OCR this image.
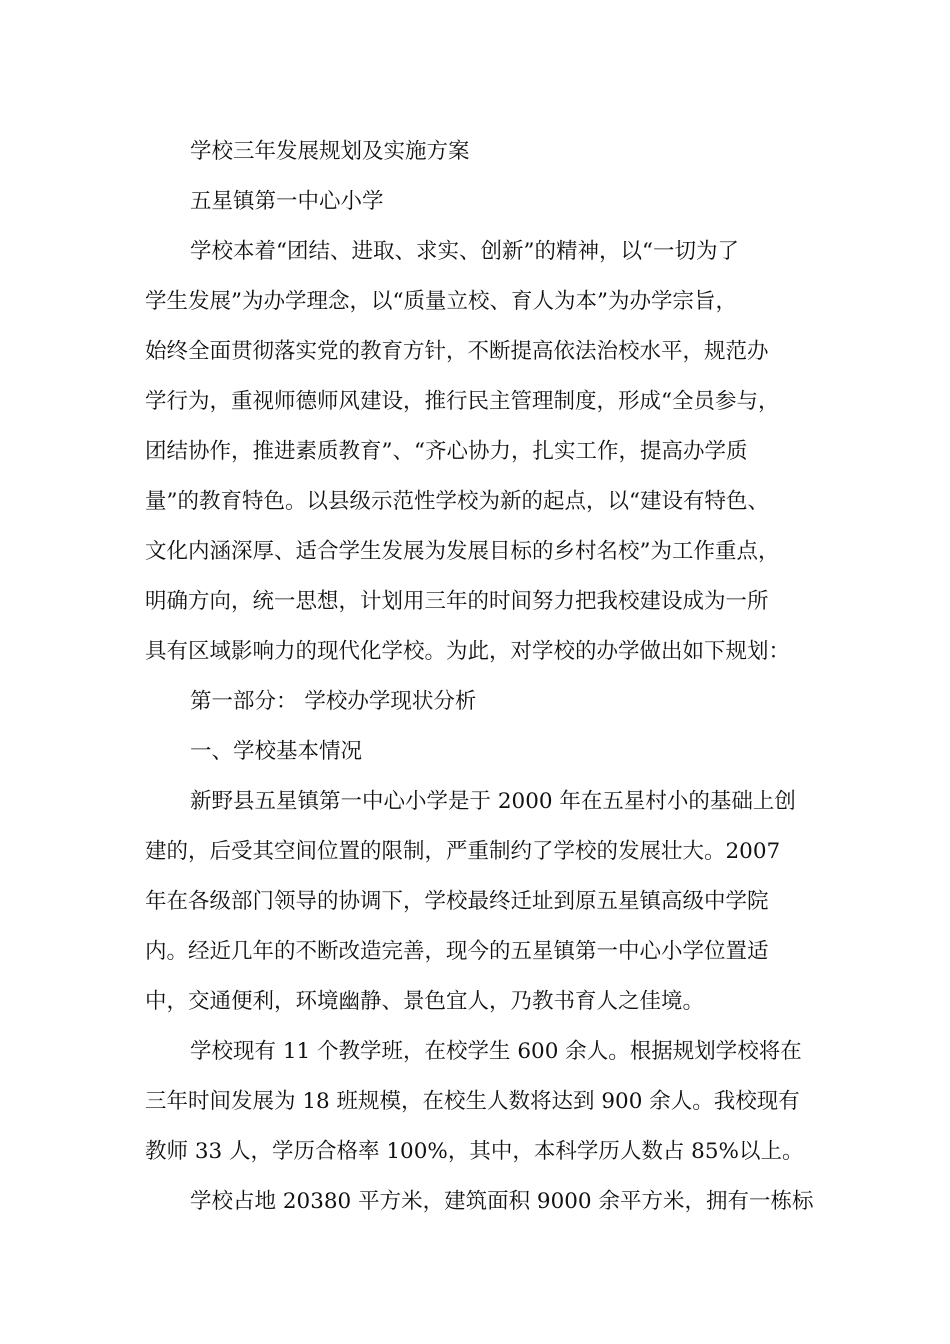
学校三年发展规划及实施方案

五星镇第一中心小学

学校本着“团结、进取、求实、创新”的精神，以“一切为了

学生发展”为办学理念，以“质量立校、育人为本”为办学宗旨，

始终全面贯彻落实党的教育方针，不断提高依法治校水平，规范办

学行为，重视师德师风建设，推行民主管理制度，形成“全员参与，

团结协作，推进素质教育”、“齐心协力，扎实工作，提高办学质

量”的教育特色。以县级示范性学校为新的起点，以“建设有特色、

文化内涵深厚、适合学生发展为发展目标的乡村名校”为工作重点，

明确方向，统一思想，计划用三年的时间努力把我校建设成为一所

具有区域影响力的现代化学校。为此，对学校的办学做出如下规划：

第一部分： 学校办学现状分析

一、学校基本情况

新野县五星镇第一中心小学是于 2000 年在五星村小的基础上创

建的，后受其空间位置的限制，严重制约了学校的发展壮大。2007

年在各级部门领导的协调下，学校最终迁址到原五星镇高级中学院

内。经近几年的不断改造完善，现今的五星镇第一中心小学位置适

中，交通便利，环境幽静、景色宜人，乃教书育人之佳境。

学校现有 11 个教学班，在校学生 600 余人。根据规划学校将在

三年时间发展为 18 班规模，在校生人数将达到 900 余人。我校现有

教师 33 人，学历合格率 100%，其中，本科学历人数占 85%以上。

学校占地 20380 平方米，建筑面积 9000 余平方米，拥有一栋标
